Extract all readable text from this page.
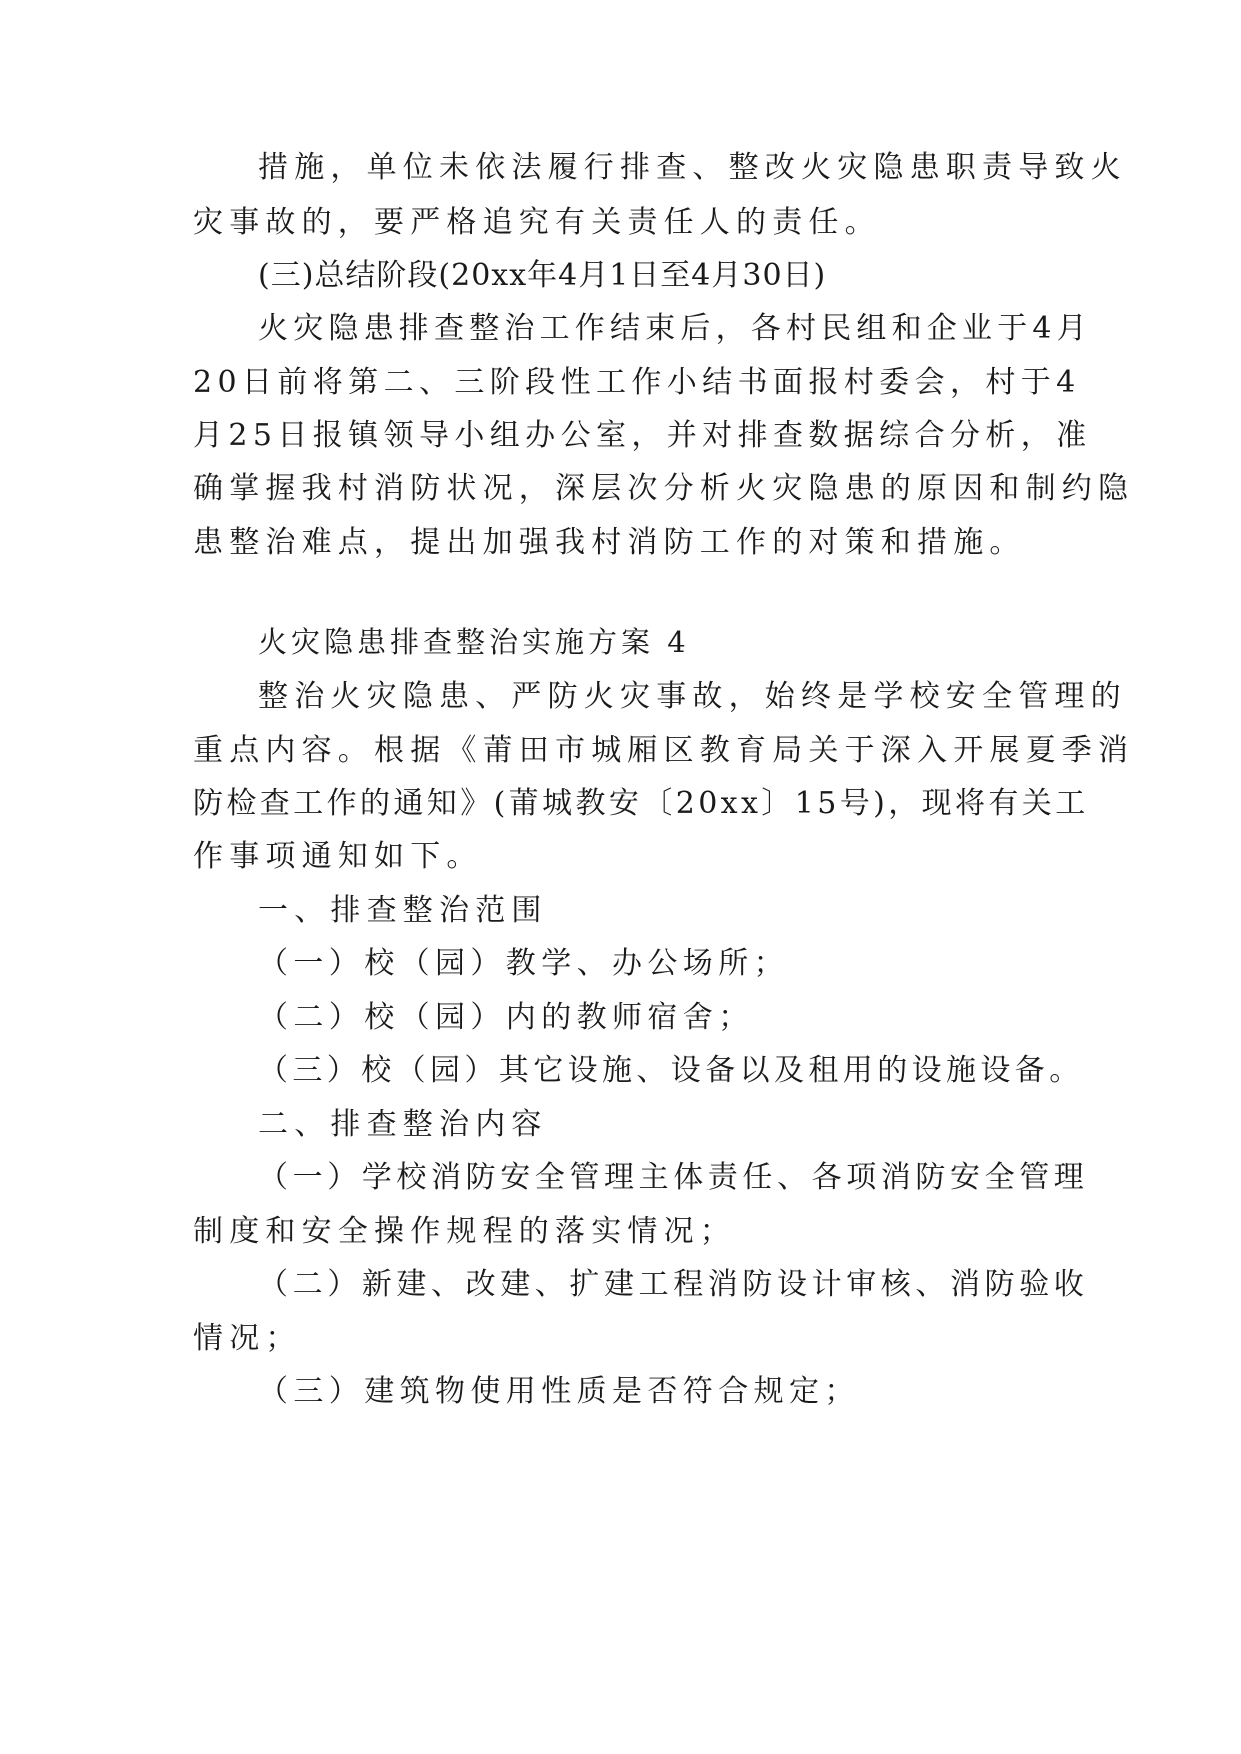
措施，单位未依法履行排查、整改火灾隐患职责导致火
灾事故的，要严格追究有关责任人的责任。
(三)总结阶段(20xx年4月1日至4月30日)
火灾隐患排查整治工作结束后，各村民组和企业于4月
20日前将第二、三阶段性工作小结书面报村委会，村于4
月25日报镇领导小组办公室，并对排查数据综合分析，准
确掌握我村消防状况，深层次分析火灾隐患的原因和制约隐
患整治难点，提出加强我村消防工作的对策和措施。
火灾隐患排查整治实施方案 4
整治火灾隐患、严防火灾事故，始终是学校安全管理的
重点内容。根据《莆田市城厢区教育局关于深入开展夏季消
防检查工作的通知》(莆城教安〔20xx〕15号)，现将有关工
作事项通知如下。
一、排查整治范围
（一）校（园）教学、办公场所；
（二）校（园）内的教师宿舍；
（三）校（园）其它设施、设备以及租用的设施设备。
二、排查整治内容
（一）学校消防安全管理主体责任、各项消防安全管理
制度和安全操作规程的落实情况；
（二）新建、改建、扩建工程消防设计审核、消防验收
情况；
（三）建筑物使用性质是否符合规定；
